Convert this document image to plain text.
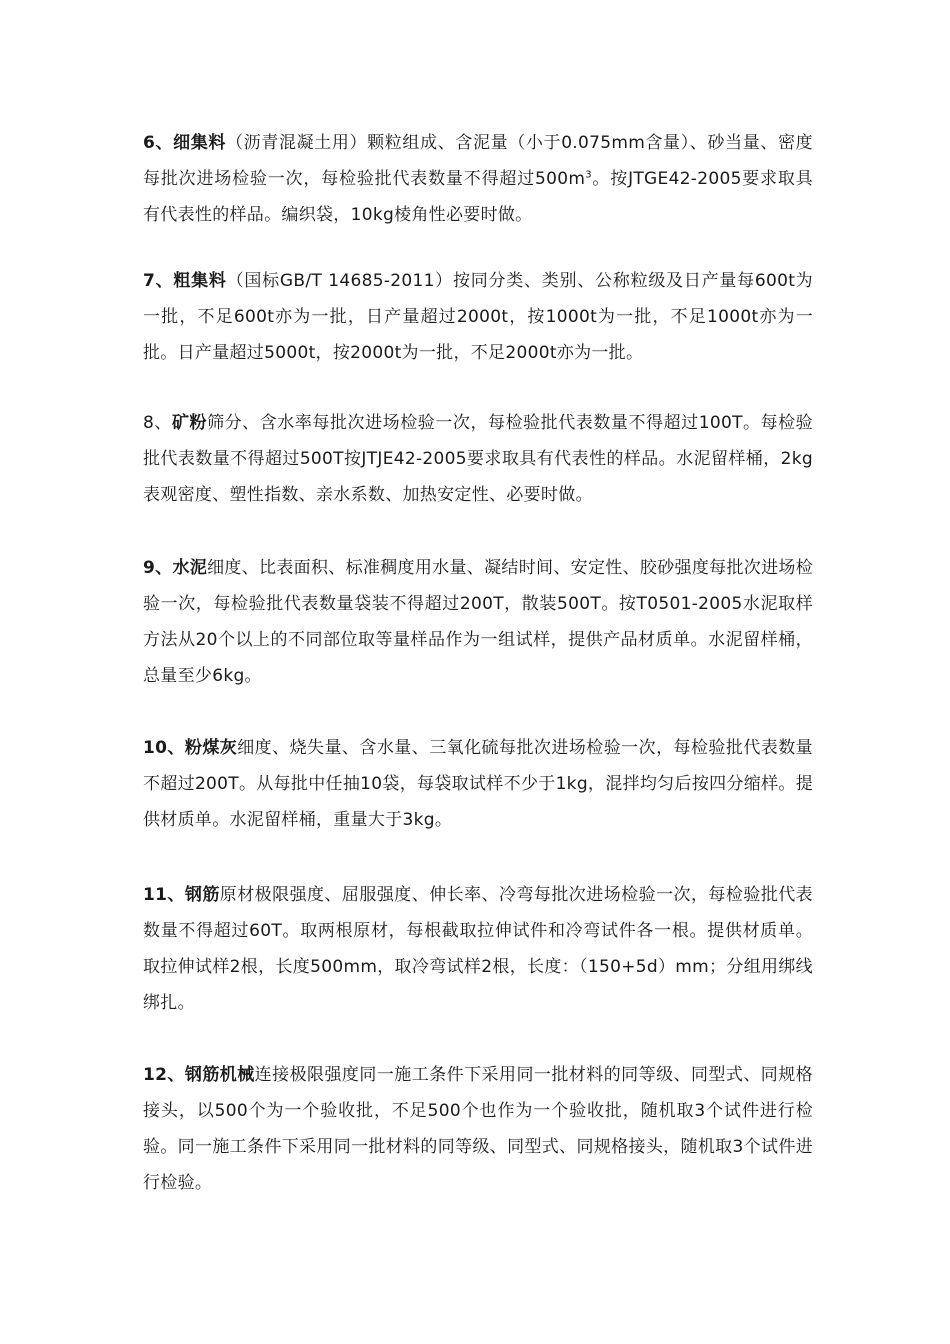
6、细集料（沥青混凝土用）颗粒组成、含泥量（小于0.075mm含量）、砂当量、密度每批次进场检验一次，每检验批代表数量不得超过$500m^3$。按JTGE42-2005要求取具有代表性的样品。编织袋，10kg棱角性必要时做。

7、粗集料（国标GB/T 14685-2011）按同分类、类别、公称粒级及日产量每600t为一批，不足600t亦为一批，日产量超过2000t，按1000t为一批，不足1000t亦为一批。日产量超过5000t，按2000t为一批，不足2000t亦为一批。

8、矿粉筛分、含水率每批次进场检验一次，每检验批代表数量不得超过100T。每检验批代表数量不得超过500T按JTJE42-2005要求取具有代表性的样品。水泥留样桶，2kg表观密度、塑性指数、亲水系数、加热安定性、必要时做。

9、水泥细度、比表面积、标准稠度用水量、凝结时间、安定性、胶砂强度每批次进场检验一次，每检验批代表数量袋装不得超过200T，散装500T。按T0501-2005水泥取样方法从20个以上的不同部位取等量样品作为一组试样，提供产品材质单。水泥留样桶，总量至少6kg。

10、粉煤灰细度、烧失量、含水量、三氧化硫每批次进场检验一次，每检验批代表数量不超过200T。从每批中任抽10袋，每袋取试样不少于1kg，混拌均匀后按四分缩样。提供材质单。水泥留样桶，重量大于3kg。

11、钢筋原材极限强度、屈服强度、伸长率、冷弯每批次进场检验一次，每检验批代表数量不得超过60T。取两根原材，每根截取拉伸试件和冷弯试件各一根。提供材质单。取拉伸试样2根，长度500mm，取冷弯试样2根，长度：（150+5d）mm；分组用绑线绑扎。

12、钢筋机械连接极限强度同一施工条件下采用同一批材料的同等级、同型式、同规格接头，以500个为一个验收批，不足500个也作为一个验收批，随机取3个试件进行检验。同一施工条件下采用同一批材料的同等级、同型式、同规格接头，随机取3个试件进行检验。
